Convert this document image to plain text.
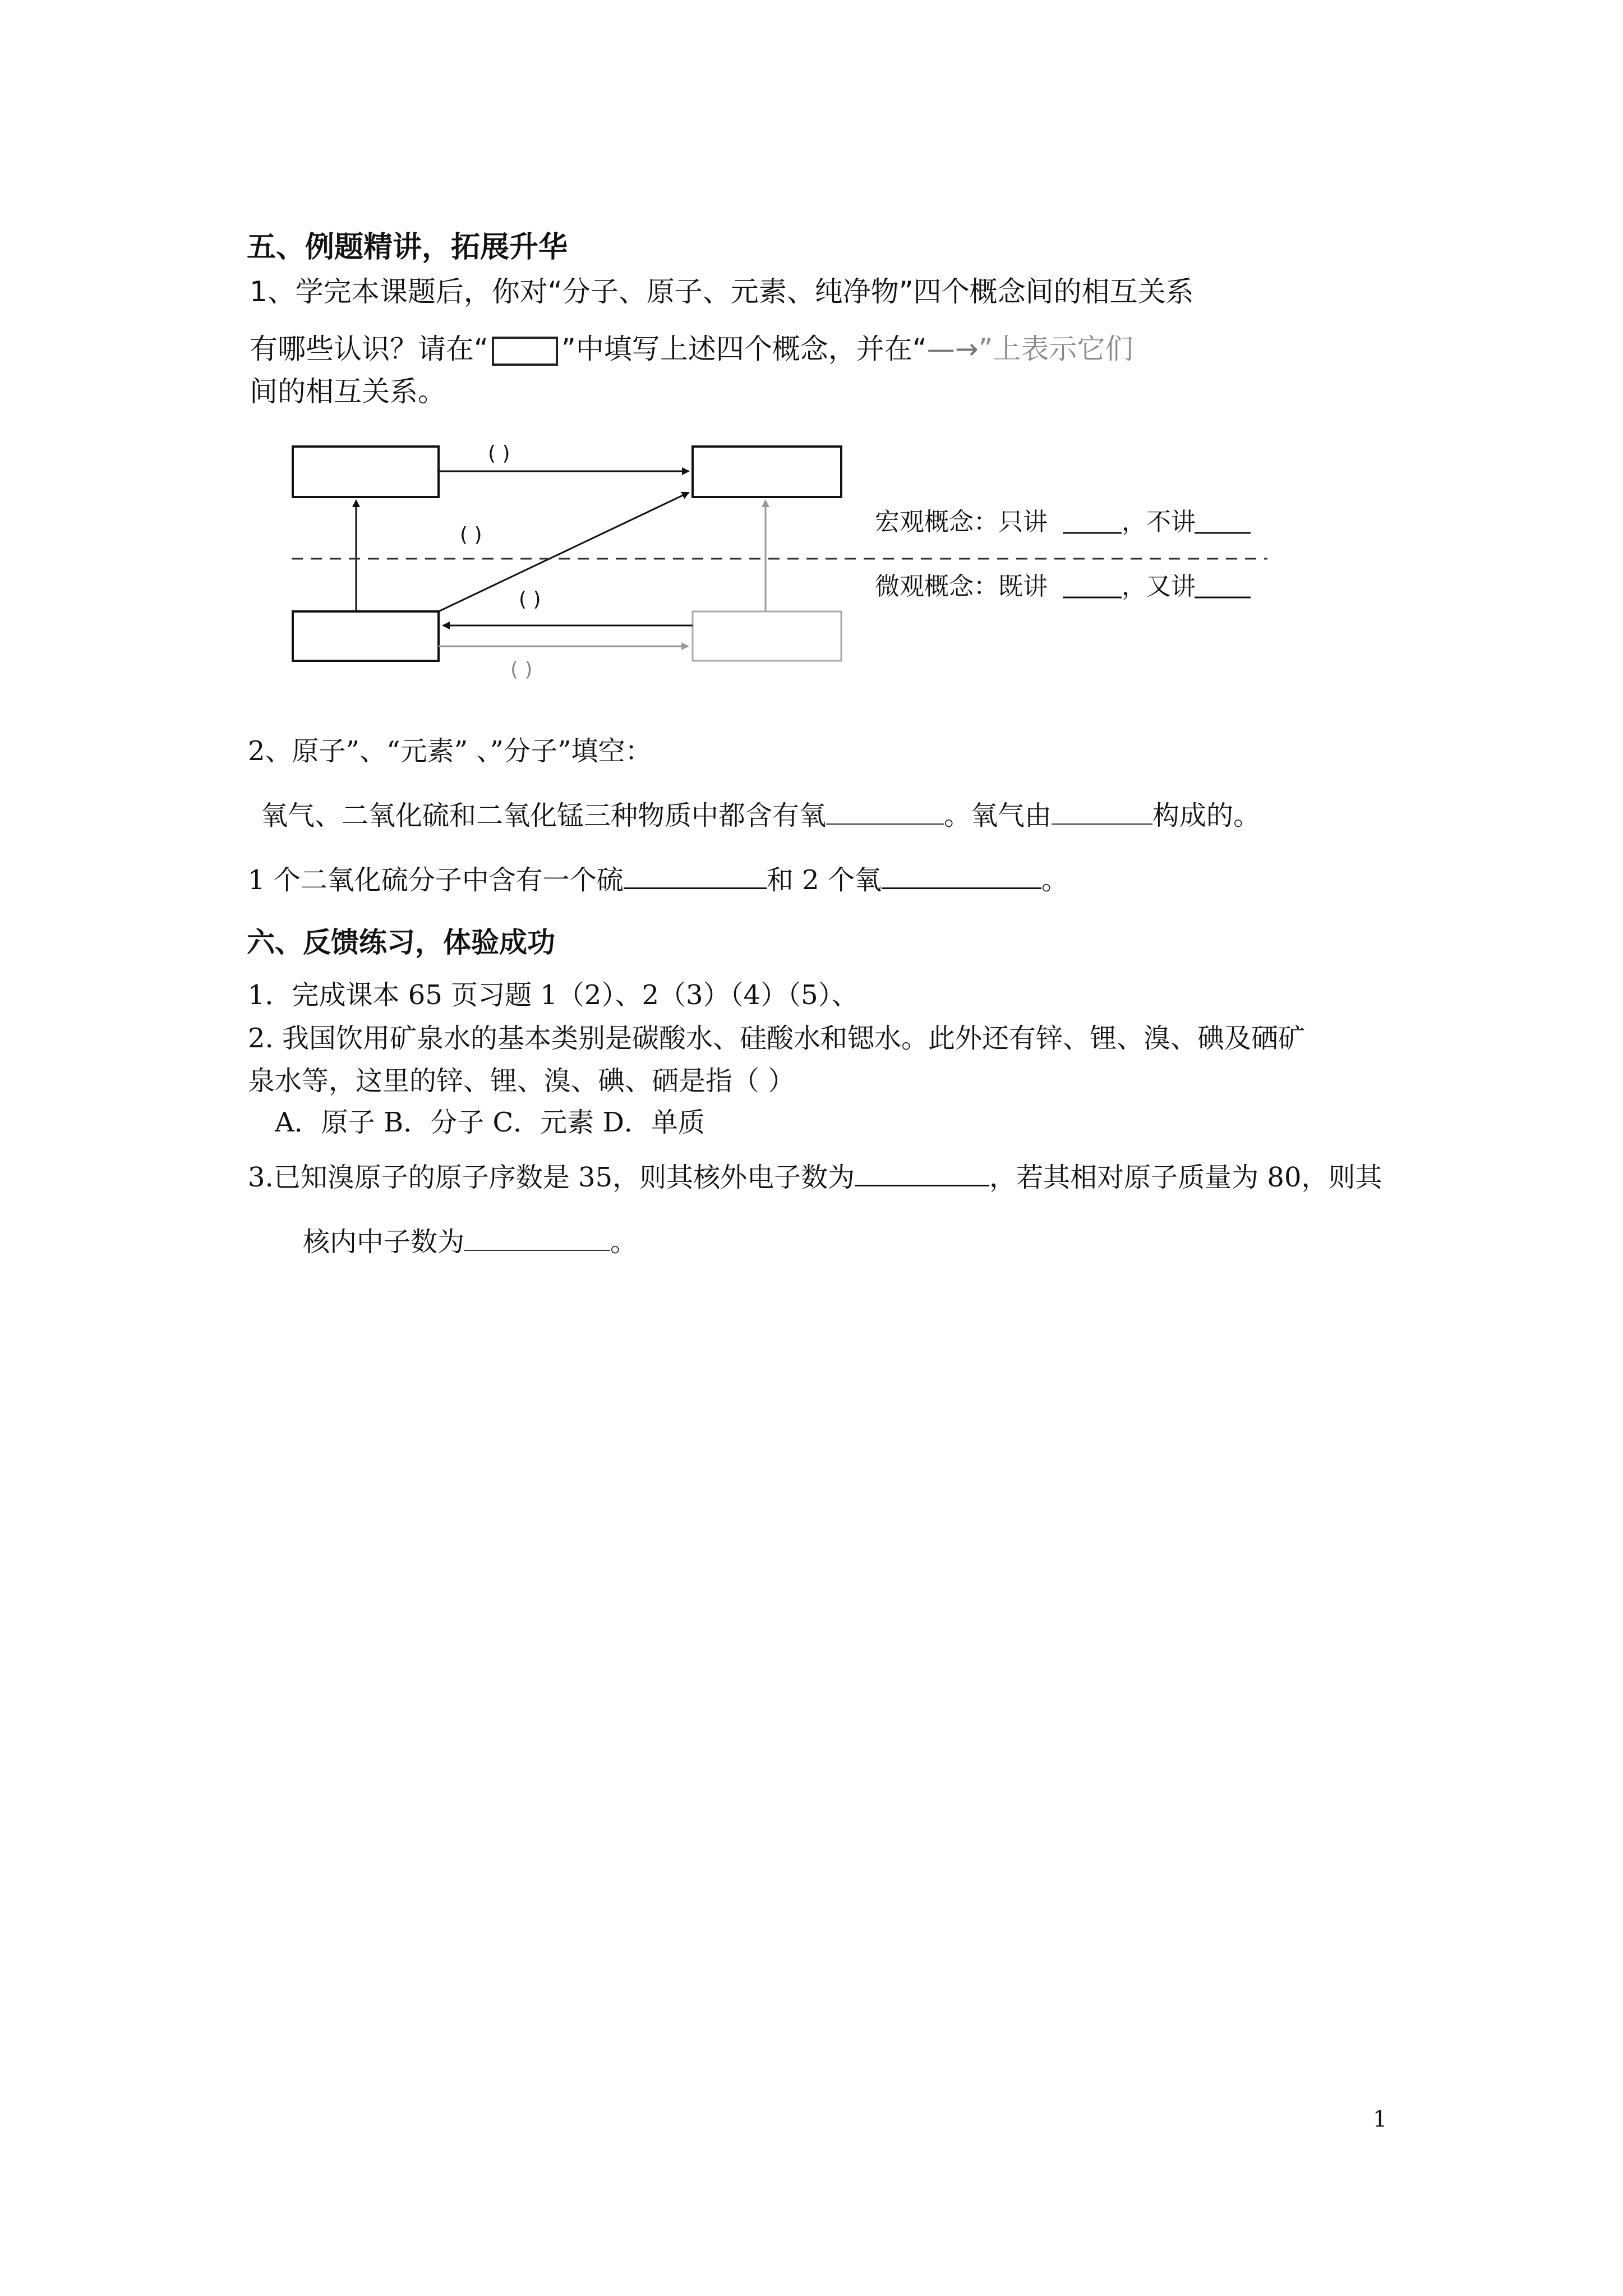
五、例题精讲，拓展升华
1、学完本课题后，你对“分子、原子、元素、纯净物”四个概念间的相互关系
有哪些认识？请在“	”中填写上述四个概念，并在“—→”上表示它们
间的相互关系。
( )
( )
( )
( )
宏观概念：只讲	，不讲
微观概念：既讲	，又讲
2、原子”、“元素” 、”分子”填空：
氧气、二氧化硫和二氧化锰三种物质中都含有氧	。氧气由	构成的。
1 个二氧化硫分子中含有一个硫	和 2 个氧	。
六、反馈练习，体验成功
1．完成课本 65 页习题 1（2）、2（3）（4）（5）、
2. 我国饮用矿泉水的基本类别是碳酸水、硅酸水和锶水。此外还有锌、锂、溴、碘及硒矿
泉水等，这里的锌、锂、溴、碘、硒是指（ ）
A．原子 B．分子 C．元素 D．单质
3.已知溴原子的原子序数是 35，则其核外电子数为	，若其相对原子质量为 80，则其
核内中子数为	。
1
